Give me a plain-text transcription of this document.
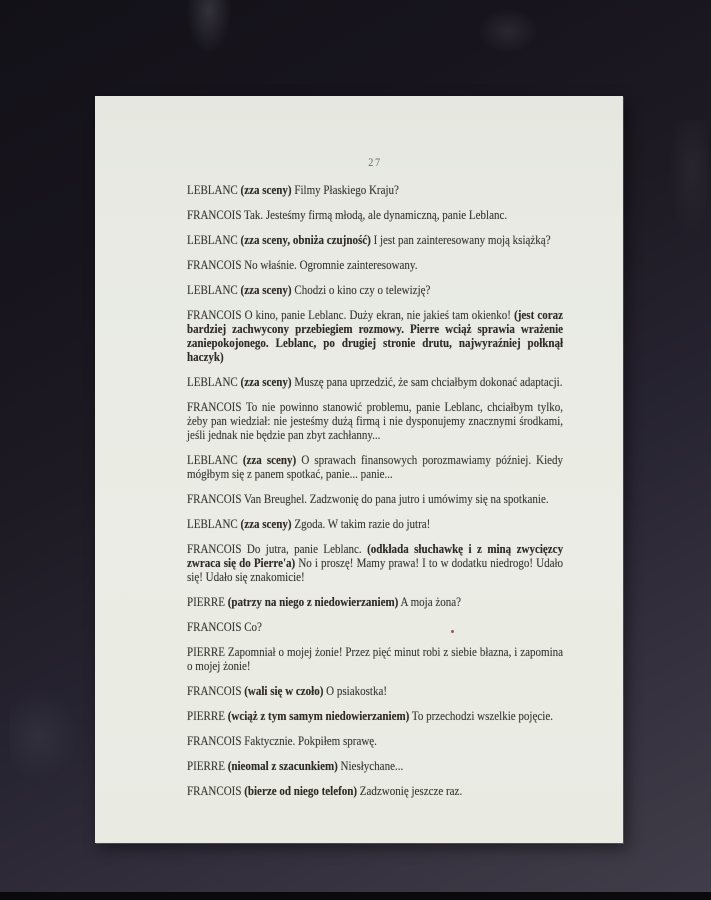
27

LEBLANC (zza sceny) Filmy Płaskiego Kraju?

FRANCOIS Tak. Jesteśmy firmą młodą, ale dynamiczną, panie Leblanc.

LEBLANC (zza sceny, obniża czujność) I jest pan zainteresowany moją książką?

FRANCOIS No właśnie. Ogromnie zainteresowany.

LEBLANC (zza sceny) Chodzi o kino czy o telewizję?

FRANCOIS O kino, panie Leblanc. Duży ekran, nie jakieś tam okienko! (jest coraz bardziej zachwycony przebiegiem rozmowy. Pierre wciąż sprawia wrażenie zaniepokojonego. Leblanc, po drugiej stronie drutu, najwyraźniej połknął haczyk)

LEBLANC (zza sceny) Muszę pana uprzedzić, że sam chciałbym dokonać adaptacji.

FRANCOIS To nie powinno stanowić problemu, panie Leblanc, chciałbym tylko, żeby pan wiedział: nie jesteśmy dużą firmą i nie dysponujemy znacznymi środkami, jeśli jednak nie będzie pan zbyt zachłanny...

LEBLANC (zza sceny) O sprawach finansowych porozmawiamy później. Kiedy mógłbym się z panem spotkać, panie... panie...

FRANCOIS Van Breughel. Zadzwonię do pana jutro i umówimy się na spotkanie.

LEBLANC (zza sceny) Zgoda. W takim razie do jutra!

FRANCOIS Do jutra, panie Leblanc. (odkłada słuchawkę i z miną zwycięzcy zwraca się do Pierre'a) No i proszę! Mamy prawa! I to w dodatku niedrogo! Udało się! Udało się znakomicie!

PIERRE (patrzy na niego z niedowierzaniem) A moja żona?

FRANCOIS Co?

PIERRE Zapomniał o mojej żonie! Przez pięć minut robi z siebie błazna, i zapomina o mojej żonie!

FRANCOIS (wali się w czoło) O psiakostka!

PIERRE (wciąż z tym samym niedowierzaniem) To przechodzi wszelkie pojęcie.

FRANCOIS Faktycznie. Pokpiłem sprawę.

PIERRE (nieomal z szacunkiem) Niesłychane...

FRANCOIS (bierze od niego telefon) Zadzwonię jeszcze raz.
